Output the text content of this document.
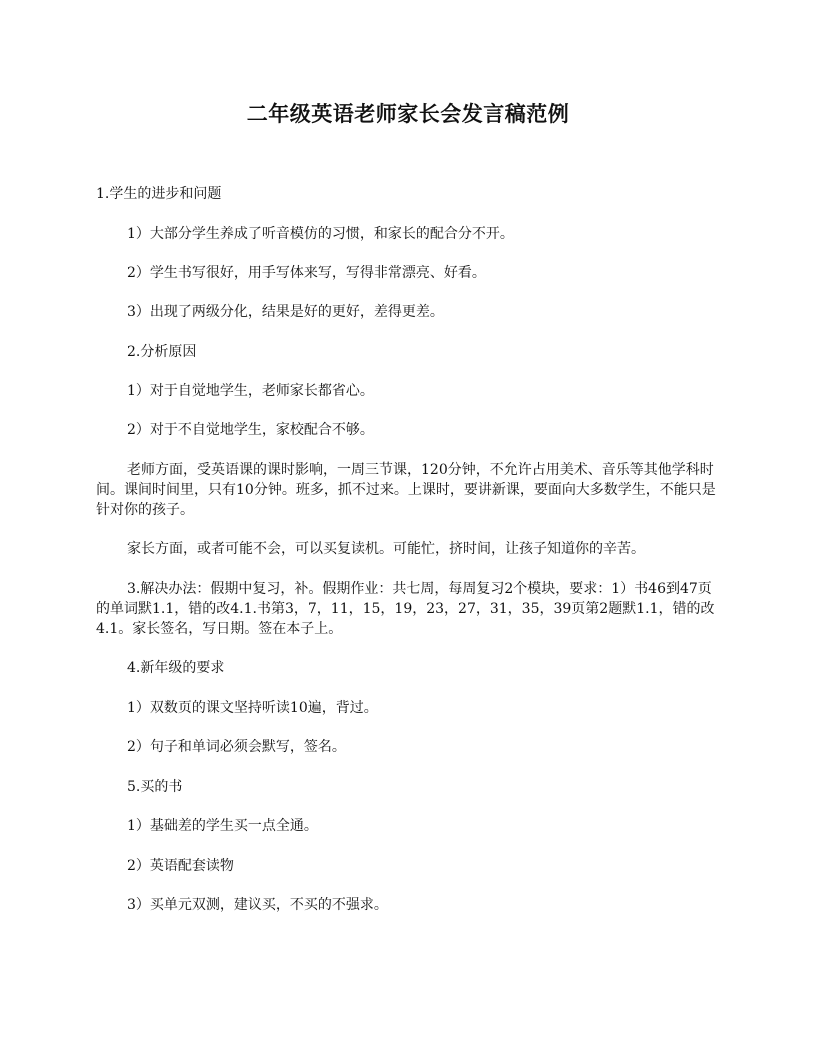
二年级英语老师家长会发言稿范例

1.学生的进步和问题

1）大部分学生养成了听音模仿的习惯，和家长的配合分不开。

2）学生书写很好，用手写体来写，写得非常漂亮、好看。

3）出现了两级分化，结果是好的更好，差得更差。

2.分析原因

1）对于自觉地学生，老师家长都省心。

2）对于不自觉地学生，家校配合不够。

老师方面，受英语课的课时影响，一周三节课，120分钟，不允许占用美术、音乐等其他学科时间。课间时间里，只有10分钟。班多，抓不过来。上课时，要讲新课，要面向大多数学生，不能只是针对你的孩子。

家长方面，或者可能不会，可以买复读机。可能忙，挤时间，让孩子知道你的辛苦。

3.解决办法：假期中复习，补。假期作业：共七周，每周复习2个模块，要求：1）书46到47页的单词默1.1，错的改4.1.书第3，7，11，15，19，23，27，31，35，39页第2题默1.1，错的改4.1。家长签名，写日期。签在本子上。

4.新年级的要求

1）双数页的课文坚持听读10遍，背过。

2）句子和单词必须会默写，签名。

5.买的书

1）基础差的学生买一点全通。

2）英语配套读物

3）买单元双测，建议买，不买的不强求。
